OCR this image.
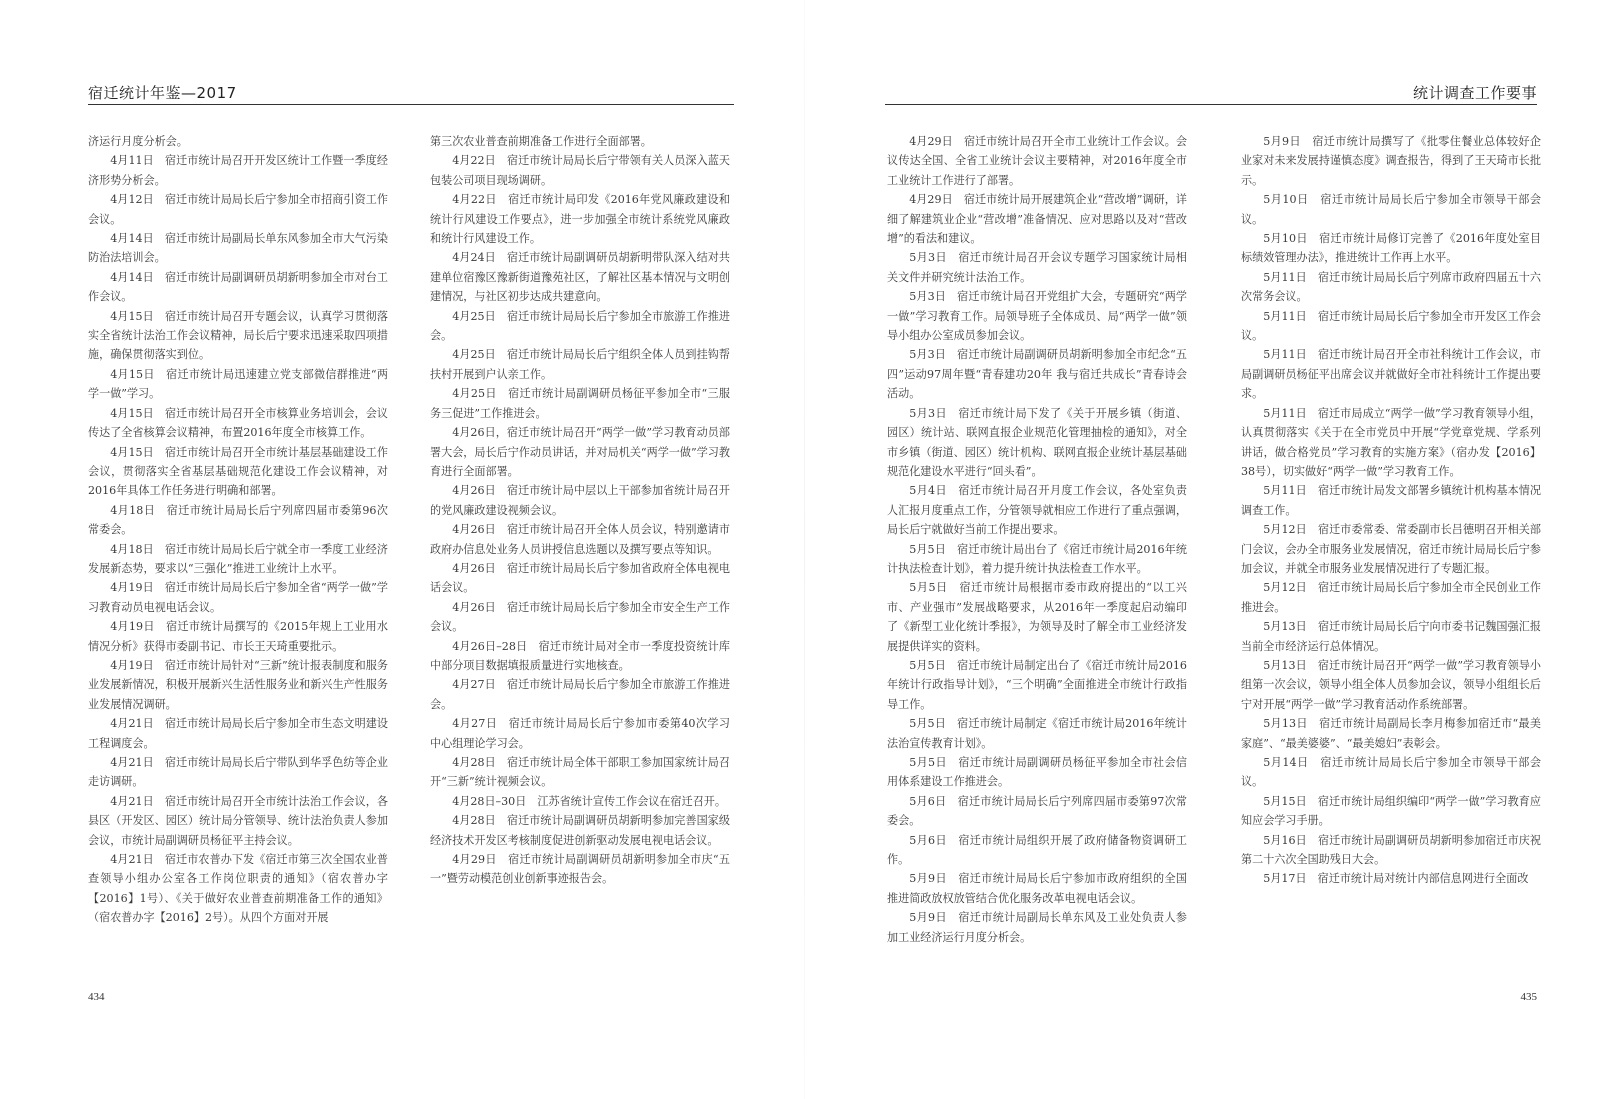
宿迁统计年鉴—2017

济运行月度分析会。

4月11日　宿迁市统计局召开开发区统计工作暨一季度经济形势分析会。

4月12日　宿迁市统计局局长后宁参加全市招商引资工作会议。

4月14日　宿迁市统计局副局长单东风参加全市大气污染防治法培训会。

4月14日　宿迁市统计局副调研员胡新明参加全市对台工作会议。

4月15日　宿迁市统计局召开专题会议，认真学习贯彻落实全省统计法治工作会议精神，局长后宁要求迅速采取四项措施，确保贯彻落实到位。

4月15日　宿迁市统计局迅速建立党支部微信群推进“两学一做”学习。

4月15日　宿迁市统计局召开全市核算业务培训会，会议传达了全省核算会议精神，布置2016年度全市核算工作。

4月15日　宿迁市统计局召开全市统计基层基础建设工作会议，贯彻落实全省基层基础规范化建设工作会议精神，对2016年具体工作任务进行明确和部署。

4月18日　宿迁市统计局局长后宁列席四届市委第96次常委会。

4月18日　宿迁市统计局局长后宁就全市一季度工业经济发展新态势，要求以“三强化”推进工业统计上水平。

4月19日　宿迁市统计局局长后宁参加全省“两学一做”学习教育动员电视电话会议。

4月19日　宿迁市统计局撰写的《2015年规上工业用水情况分析》获得市委副书记、市长王天琦重要批示。

4月19日　宿迁市统计局针对“三新”统计报表制度和服务业发展新情况，积极开展新兴生活性服务业和新兴生产性服务业发展情况调研。

4月21日　宿迁市统计局局长后宁参加全市生态文明建设工程调度会。

4月21日　宿迁市统计局局长后宁带队到华孚色纺等企业走访调研。

4月21日　宿迁市统计局召开全市统计法治工作会议，各县区（开发区、园区）统计局分管领导、统计法治负责人参加会议，市统计局副调研员杨征平主持会议。

4月21日　宿迁市农普办下发《宿迁市第三次全国农业普查领导小组办公室各工作岗位职责的通知》（宿农普办字【2016】1号）、《关于做好农业普查前期准备工作的通知》（宿农普办字【2016】2号）。从四个方面对开展

第三次农业普查前期准备工作进行全面部署。

4月22日　宿迁市统计局局长后宁带领有关人员深入蓝天包装公司项目现场调研。

4月22日　宿迁市统计局印发《2016年党风廉政建设和统计行风建设工作要点》，进一步加强全市统计系统党风廉政和统计行风建设工作。

4月24日　宿迁市统计局副调研员胡新明带队深入结对共建单位宿豫区豫新街道豫苑社区，了解社区基本情况与文明创建情况，与社区初步达成共建意向。

4月25日　宿迁市统计局局长后宁参加全市旅游工作推进会。

4月25日　宿迁市统计局局长后宁组织全体人员到挂钩帮扶村开展到户认亲工作。

4月25日　宿迁市统计局副调研员杨征平参加全市“三服务三促进”工作推进会。

4月26日，宿迁市统计局召开“两学一做”学习教育动员部署大会，局长后宁作动员讲话，并对局机关“两学一做”学习教育进行全面部署。

4月26日　宿迁市统计局中层以上干部参加省统计局召开的党风廉政建设视频会议。

4月26日　宿迁市统计局召开全体人员会议，特别邀请市政府办信息处业务人员讲授信息选题以及撰写要点等知识。

4月26日　宿迁市统计局局长后宁参加省政府全体电视电话会议。

4月26日　宿迁市统计局局长后宁参加全市安全生产工作会议。

4月26日–28日　宿迁市统计局对全市一季度投资统计库中部分项目数据填报质量进行实地核查。

4月27日　宿迁市统计局局长后宁参加全市旅游工作推进会。

4月27日　宿迁市统计局局长后宁参加市委第40次学习中心组理论学习会。

4月28日　宿迁市统计局全体干部职工参加国家统计局召开“三新”统计视频会议。

4月28日–30日　江苏省统计宣传工作会议在宿迁召开。

4月28日　宿迁市统计局副调研员胡新明参加完善国家级经济技术开发区考核制度促进创新驱动发展电视电话会议。

4月29日　宿迁市统计局副调研员胡新明参加全市庆“五一”暨劳动模范创业创新事迹报告会。

434
统计调查工作要事

4月29日　宿迁市统计局召开全市工业统计工作会议。会议传达全国、全省工业统计会议主要精神，对2016年度全市工业统计工作进行了部署。

4月29日　宿迁市统计局开展建筑企业“营改增”调研，详细了解建筑业企业“营改增”准备情况、应对思路以及对“营改增”的看法和建议。

5月3日　宿迁市统计局召开会议专题学习国家统计局相关文件并研究统计法治工作。

5月3日　宿迁市统计局召开党组扩大会，专题研究“两学一做”学习教育工作。局领导班子全体成员、局“两学一做”领导小组办公室成员参加会议。

5月3日　宿迁市统计局副调研员胡新明参加全市纪念“五四”运动97周年暨“青春建功20年 我与宿迁共成长”青春诗会活动。

5月3日　宿迁市统计局下发了《关于开展乡镇（街道、园区）统计站、联网直报企业规范化管理抽检的通知》，对全市乡镇（街道、园区）统计机构、联网直报企业统计基层基础规范化建设水平进行“回头看”。

5月4日　宿迁市统计局召开月度工作会议，各处室负责人汇报月度重点工作，分管领导就相应工作进行了重点强调，局长后宁就做好当前工作提出要求。

5月5日　宿迁市统计局出台了《宿迁市统计局2016年统计执法检查计划》，着力提升统计执法检查工作水平。

5月5日　宿迁市统计局根据市委市政府提出的“以工兴市、产业强市”发展战略要求，从2016年一季度起启动编印了《新型工业化统计季报》，为领导及时了解全市工业经济发展提供详实的资料。

5月5日　宿迁市统计局制定出台了《宿迁市统计局2016年统计行政指导计划》，“三个明确”全面推进全市统计行政指导工作。

5月5日　宿迁市统计局制定《宿迁市统计局2016年统计法治宣传教育计划》。

5月5日　宿迁市统计局副调研员杨征平参加全市社会信用体系建设工作推进会。

5月6日　宿迁市统计局局长后宁列席四届市委第97次常委会。

5月6日　宿迁市统计局组织开展了政府储备物资调研工作。

5月9日　宿迁市统计局局长后宁参加市政府组织的全国推进简政放权放管结合优化服务改革电视电话会议。

5月9日　宿迁市统计局副局长单东风及工业处负责人参加工业经济运行月度分析会。

5月9日　宿迁市统计局撰写了《批零住餐业总体较好企业家对未来发展持谨慎态度》调查报告，得到了王天琦市长批示。

5月10日　宿迁市统计局局长后宁参加全市领导干部会议。

5月10日　宿迁市统计局修订完善了《2016年度处室目标绩效管理办法》，推进统计工作再上水平。

5月11日　宿迁市统计局局长后宁列席市政府四届五十六次常务会议。

5月11日　宿迁市统计局局长后宁参加全市开发区工作会议。

5月11日　宿迁市统计局召开全市社科统计工作会议，市局副调研员杨征平出席会议并就做好全市社科统计工作提出要求。

5月11日　宿迁市局成立“两学一做”学习教育领导小组，认真贯彻落实《关于在全市党员中开展“学党章党规、学系列讲话，做合格党员”学习教育的实施方案》（宿办发【2016】38号），切实做好“两学一做”学习教育工作。

5月11日　宿迁市统计局发文部署乡镇统计机构基本情况调查工作。

5月12日　宿迁市委常委、常委副市长吕德明召开相关部门会议，会办全市服务业发展情况，宿迁市统计局局长后宁参加会议，并就全市服务业发展情况进行了专题汇报。

5月12日　宿迁市统计局局长后宁参加全市全民创业工作推进会。

5月13日　宿迁市统计局局长后宁向市委书记魏国强汇报当前全市经济运行总体情况。

5月13日　宿迁市统计局召开“两学一做”学习教育领导小组第一次会议，领导小组全体人员参加会议，领导小组组长后宁对开展“两学一做”学习教育活动作系统部署。

5月13日　宿迁市统计局副局长李月梅参加宿迁市“最美家庭”、“最美婆婆”、“最美媳妇”表彰会。

5月14日　宿迁市统计局局长后宁参加全市领导干部会议。

5月15日　宿迁市统计局组织编印“两学一做”学习教育应知应会学习手册。

5月16日　宿迁市统计局副调研员胡新明参加宿迁市庆祝第二十六次全国助残日大会。

5月17日　宿迁市统计局对统计内部信息网进行全面改

435
